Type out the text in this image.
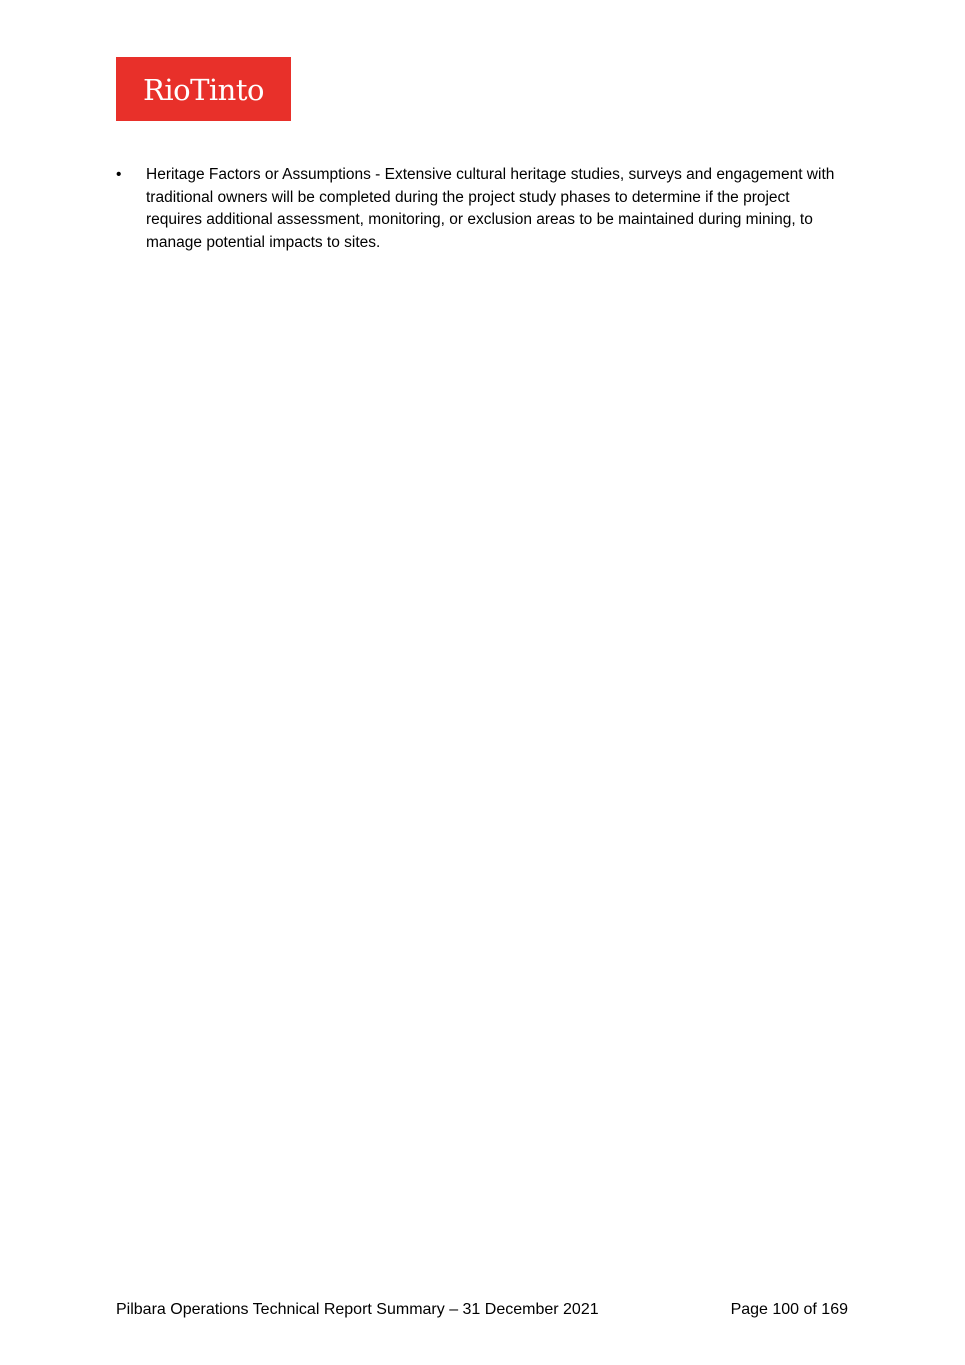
RioTinto
•	Heritage Factors or Assumptions - Extensive cultural heritage studies, surveys and engagement with traditional owners will be completed during the project study phases to determine if the project requires additional assessment, monitoring, or exclusion areas to be maintained during mining, to manage potential impacts to sites.
Pilbara Operations Technical Report Summary – 31 December 2021	Page 100 of 169
